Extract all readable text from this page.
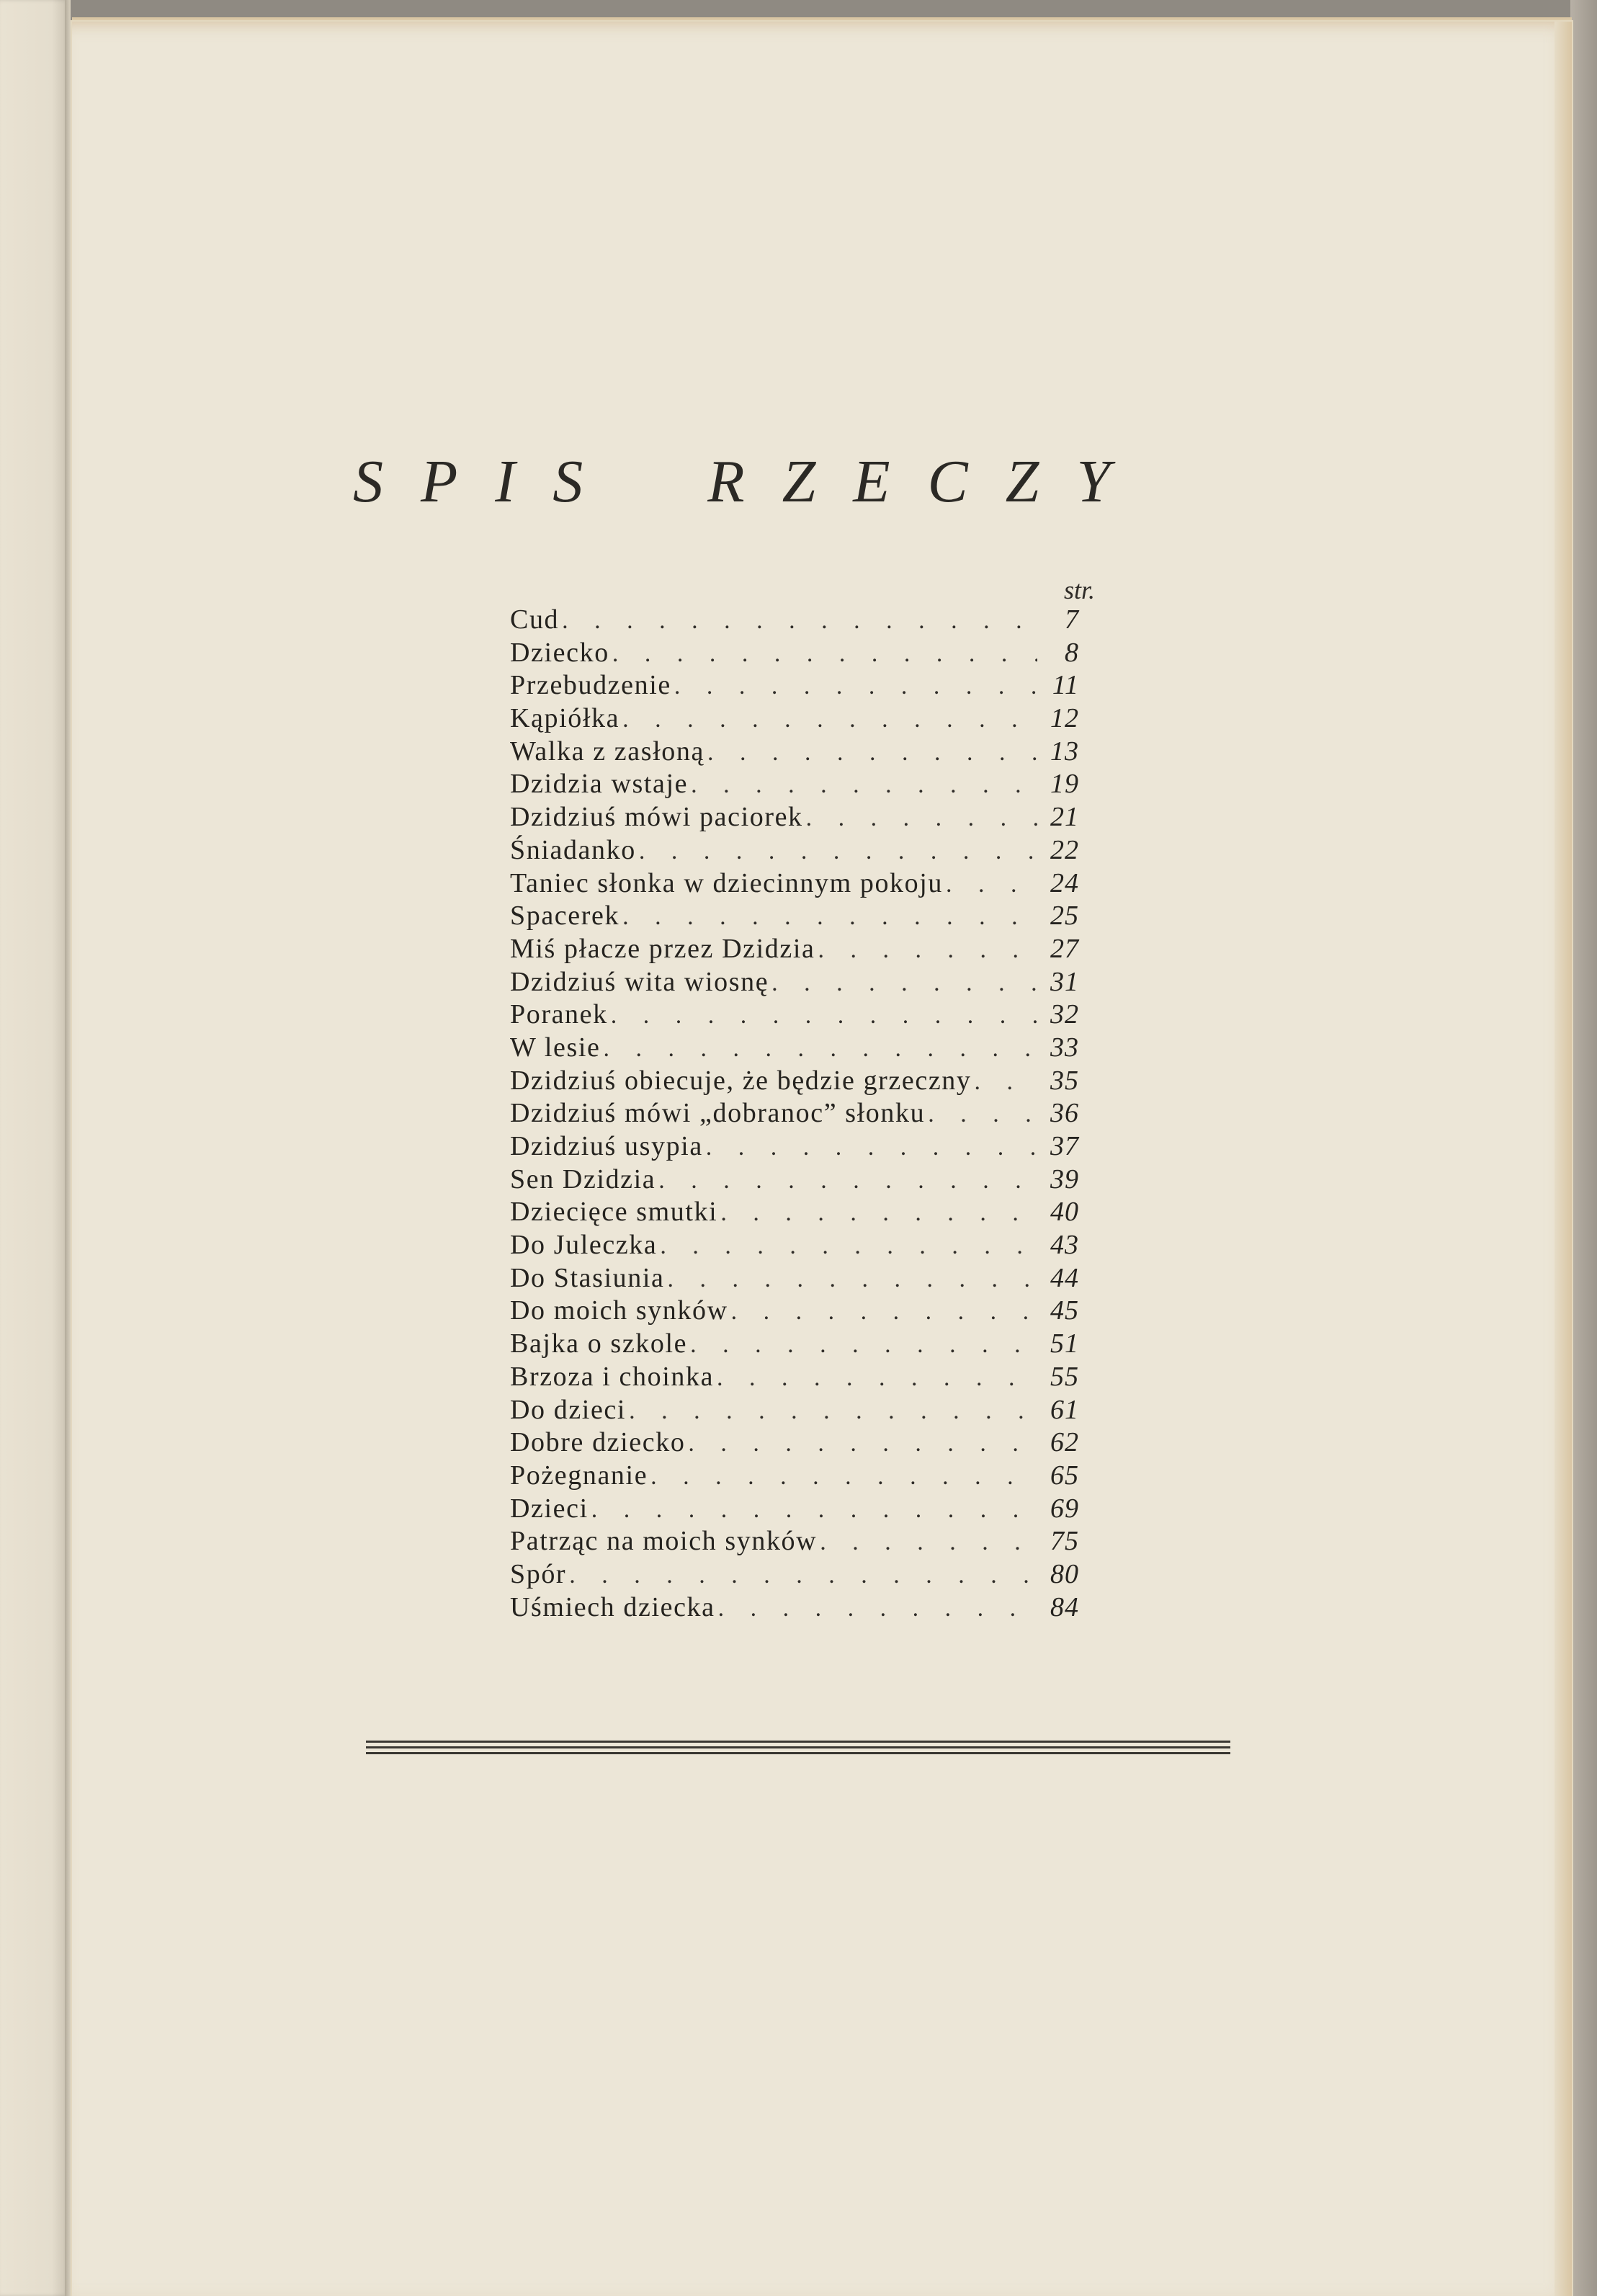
SPIS RZECZY
str.
Cud . . .	7
Dziecko . . .	8
Przebudzenie . . .	11
Kąpiółka . . .	12
Walka z zasłoną . . .	13
Dzidzia wstaje . . .	19
Dzidziuś mówi paciorek . . .	21
Śniadanko . . .	22
Taniec słonka w dziecinnym pokoju . . .	24
Spacerek . . .	25
Miś płacze przez Dzidzia . . .	27
Dzidziuś wita wiosnę . . .	31
Poranek . . .	32
W lesie . . .	33
Dzidziuś obiecuje, że będzie grzeczny . . .	35
Dzidziuś mówi „dobranoc” słonku . . .	36
Dzidziuś usypia . . .	37
Sen Dzidzia . . .	39
Dziecięce smutki . . .	40
Do Juleczka . . .	43
Do Stasiunia . . .	44
Do moich synków . . .	45
Bajka o szkole . . .	51
Brzoza i choinka . . .	55
Do dzieci . . .	61
Dobre dziecko . . .	62
Pożegnanie . . .	65
Dzieci . . .	69
Patrząc na moich synków . . .	75
Spór . . .	80
Uśmiech dziecka . . .	84
